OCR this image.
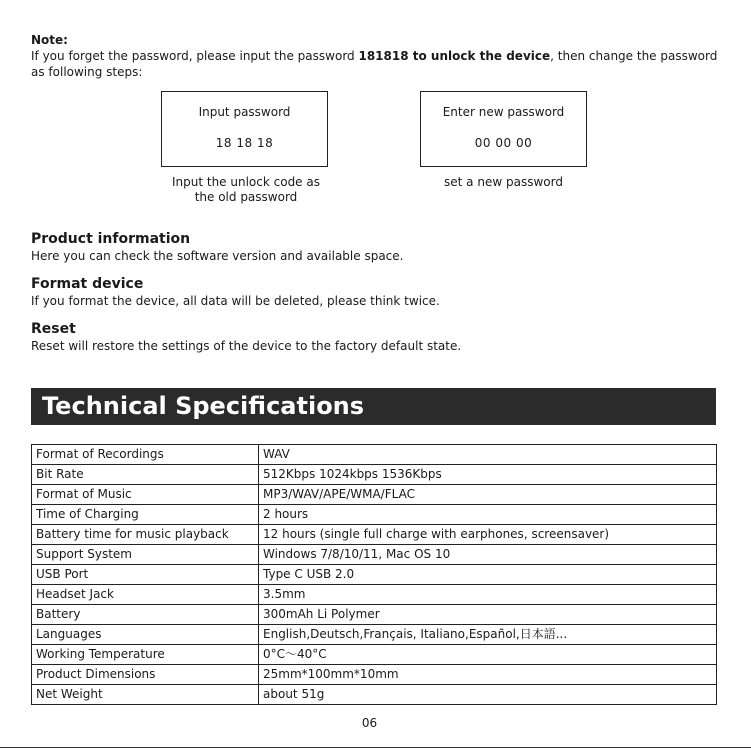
Note:
If you forget the password, please input the password 181818 to unlock the device, then change the password as following steps:
Input password
18 18 18
Input the unlock code as the old password
Enter new password
00 00 00
set a new password
Product information
Here you can check the software version and available space.
Format device
If you format the device, all data will be deleted, please think twice.
Reset
Reset will restore the settings of the device to the factory default state.
Technical Specifications
Format of Recordings	WAV
Bit Rate	512Kbps 1024kbps 1536Kbps
Format of Music	MP3/WAV/APE/WMA/FLAC
Time of Charging	2 hours
Battery time for music playback	12 hours (single full charge with earphones, screensaver)
Support System	Windows 7/8/10/11, Mac OS 10
USB Port	Type C USB 2.0
Headset Jack	3.5mm
Battery	300mAh Li Polymer
Languages	English,Deutsch,Français, Italiano,Español,日本語...
Working Temperature	0°C～40°C
Product Dimensions	25mm*100mm*10mm
Net Weight	about 51g
06
